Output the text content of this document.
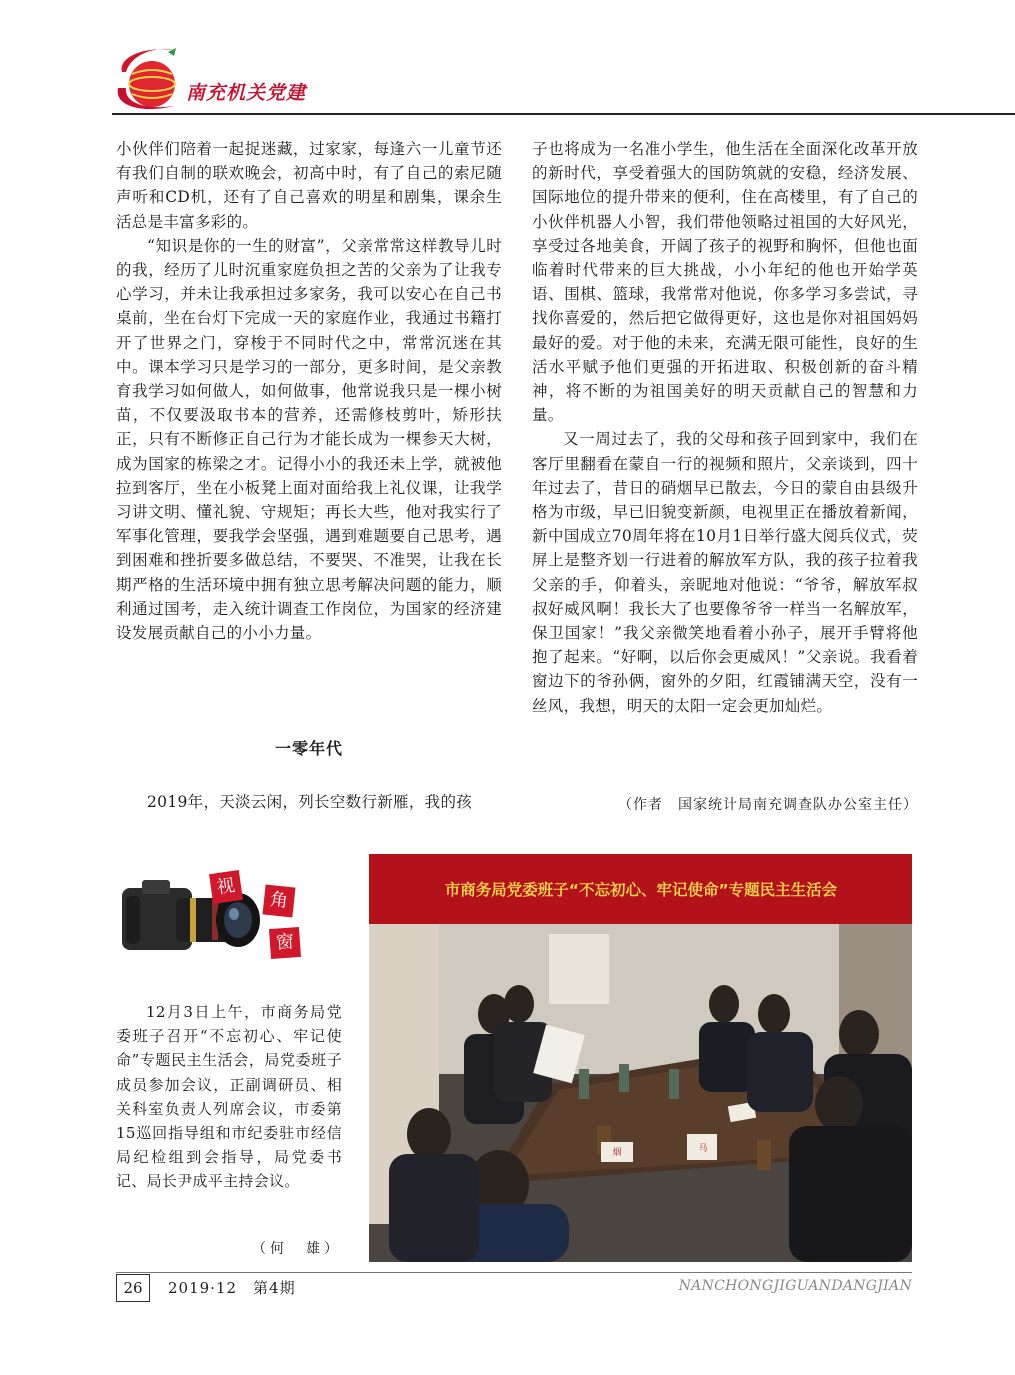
南充机关党建

小伙伴们陪着一起捉迷藏，过家家，每逢六一儿童节还有我们自制的联欢晚会，初高中时，有了自己的索尼随声听和CD机，还有了自己喜欢的明星和剧集，课余生活总是丰富多彩的。

“知识是你的一生的财富”，父亲常常这样教导儿时的我，经历了儿时沉重家庭负担之苦的父亲为了让我专心学习，并未让我承担过多家务，我可以安心在自己书桌前，坐在台灯下完成一天的家庭作业，我通过书籍打开了世界之门，穿梭于不同时代之中，常常沉迷在其中。课本学习只是学习的一部分，更多时间，是父亲教育我学习如何做人，如何做事，他常说我只是一棵小树苗，不仅要汲取书本的营养，还需修枝剪叶，矫形扶正，只有不断修正自己行为才能长成为一棵参天大树，成为国家的栋梁之才。记得小小的我还未上学，就被他拉到客厅，坐在小板凳上面对面给我上礼仪课，让我学习讲文明、懂礼貌、守规矩；再长大些，他对我实行了军事化管理，要我学会坚强，遇到难题要自己思考，遇到困难和挫折要多做总结，不要哭、不准哭，让我在长期严格的生活环境中拥有独立思考解决问题的能力，顺利通过国考，走入统计调查工作岗位，为国家的经济建设发展贡献自己的小小力量。

一零年代
2019年，天淡云闲，列长空数行新雁，我的孩

子也将成为一名准小学生，他生活在全面深化改革开放的新时代，享受着强大的国防筑就的安稳，经济发展、国际地位的提升带来的便利，住在高楼里，有了自己的小伙伴机器人小智，我们带他领略过祖国的大好风光，享受过各地美食，开阔了孩子的视野和胸怀，但他也面临着时代带来的巨大挑战，小小年纪的他也开始学英语、围棋、篮球，我常常对他说，你多学习多尝试，寻找你喜爱的，然后把它做得更好，这也是你对祖国妈妈最好的爱。对于他的未来，充满无限可能性，良好的生活水平赋予他们更强的开拓进取、积极创新的奋斗精神，将不断的为祖国美好的明天贡献自己的智慧和力量。

又一周过去了，我的父母和孩子回到家中，我们在客厅里翻看在蒙自一行的视频和照片，父亲谈到，四十年过去了，昔日的硝烟早已散去，今日的蒙自由县级升格为市级，早已旧貌变新颜，电视里正在播放着新闻，新中国成立70周年将在10月1日举行盛大阅兵仪式，荧屏上是整齐划一行进着的解放军方队，我的孩子拉着我父亲的手，仰着头，亲昵地对他说：“爷爷，解放军叔叔好威风啊！我长大了也要像爷爷一样当一名解放军，保卫国家！”我父亲微笑地看着小孙子，展开手臂将他抱了起来。“好啊，以后你会更威风！”父亲说。我看着窗边下的爷孙俩，窗外的夕阳，红霞铺满天空，没有一丝风，我想，明天的太阳一定会更加灿烂。

（作者　国家统计局南充调查队办公室主任）
视
角
窗

12月3日上午，市商务局党委班子召开“不忘初心、牢记使命”专题民主生活会，局党委班子成员参加会议，正副调研员、相关科室负责人列席会议，市委第15巡回指导组和市纪委驻市经信局纪检组到会指导，局党委书记、局长尹成平主持会议。

（何　雄）
烟	马
市商务局党委班子“不忘初心、牢记使命”专题民主生活会
26	2019·12　第4期	NANCHONGJIGUANDANGJIAN
